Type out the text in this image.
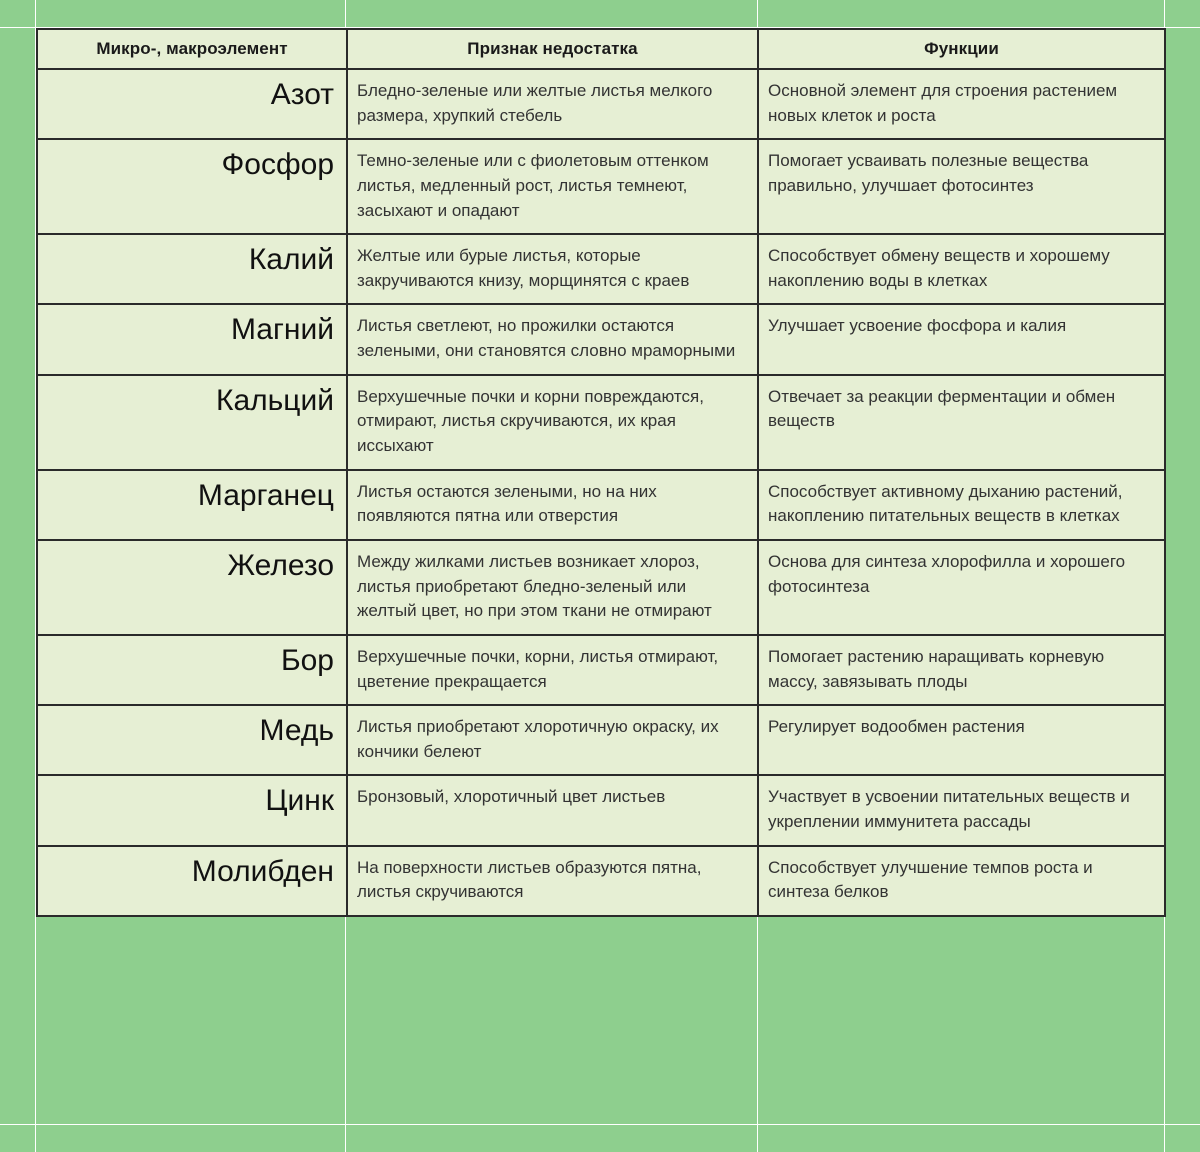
Микро-, макроэлемент	Признак недостатка	Функции
Азот	Бледно-зеленые или желтые листья мелкого размера, хрупкий стебель	Основной элемент для строения растением новых клеток и роста
Фосфор	Темно-зеленые или с фиолетовым оттенком листья, медленный рост, листья темнеют, засыхают и опадают	Помогает усваивать полезные вещества правильно, улучшает фотосинтез
Калий	Желтые или бурые листья, которые закручиваются книзу, морщинятся с краев	Способствует обмену веществ и хорошему накоплению воды в клетках
Магний	Листья светлеют, но прожилки остаются зелеными, они становятся словно мраморными	Улучшает усвоение фосфора и калия
Кальций	Верхушечные почки и корни повреждаются, отмирают, листья скручиваются, их края иссыхают	Отвечает за реакции ферментации и обмен веществ
Марганец	Листья остаются зелеными, но на них появляются пятна или отверстия	Способствует активному дыханию растений, накоплению питательных веществ в клетках
Железо	Между жилками листьев возникает хлороз, листья приобретают бледно-зеленый или желтый цвет, но при этом ткани не отмирают	Основа для синтеза хлорофилла и хорошего фотосинтеза
Бор	Верхушечные почки, корни, листья отмирают, цветение прекращается	Помогает растению наращивать корневую массу, завязывать плоды
Медь	Листья приобретают хлоротичную окраску, их кончики белеют	Регулирует водообмен растения
Цинк	Бронзовый, хлоротичный цвет листьев	Участвует в усвоении питательных веществ и укреплении иммунитета рассады
Молибден	На поверхности листьев образуются пятна, листья скручиваются	Способствует улучшение темпов роста и синтеза белков
